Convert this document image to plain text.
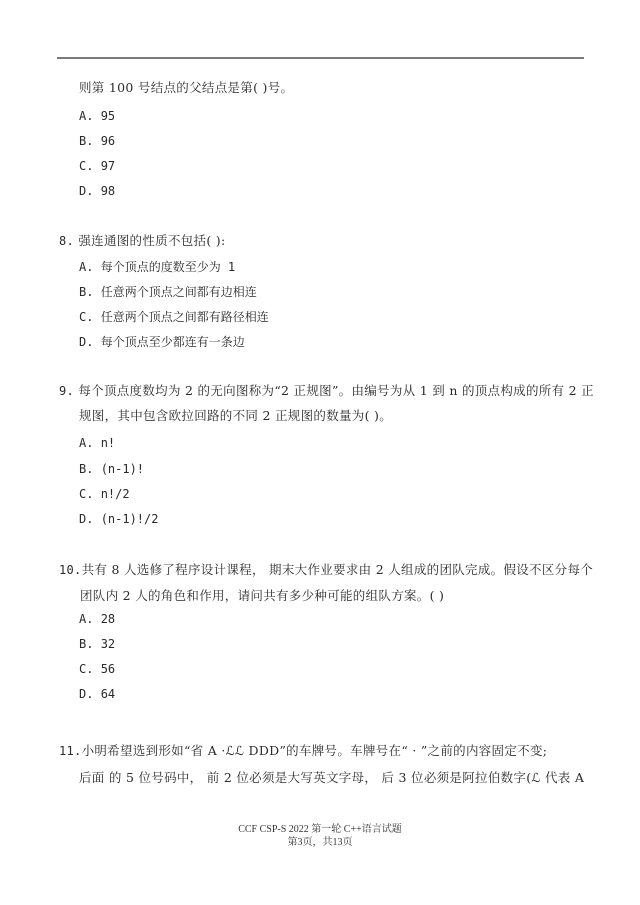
则第 100 号结点的父结点是第( )号。
A. 95
B. 96
C. 97
D. 98
8. 强连通图的性质不包括( ):
A. 每个顶点的度数至少为 1
B. 任意两个顶点之间都有边相连
C. 任意两个顶点之间都有路径相连
D. 每个顶点至少都连有一条边
9. 每个顶点度数均为 2 的无向图称为“2 正规图”。由编号为从 1 到 n 的顶点构成的所有 2 正
规图，其中包含欧拉回路的不同 2 正规图的数量为( )。
A. n!
B. (n-1)!
C. n!/2
D. (n-1)!/2
10.共有 8 人选修了程序设计课程， 期末大作业要求由 2 人组成的团队完成。假设不区分每个
团队内 2 人的角色和作用，请问共有多少种可能的组队方案。( )
A. 28
B. 32
C. 56
D. 64
11.小明希望选到形如“省 A ·ℒℒ DDD”的车牌号。车牌号在“ · ”之前的内容固定不变;
后面 的 5 位号码中， 前 2 位必须是大写英文字母， 后 3 位必须是阿拉伯数字(ℒ 代表 A
CCF CSP-S 2022 第一轮 C++语言试题
第3页，共13页
